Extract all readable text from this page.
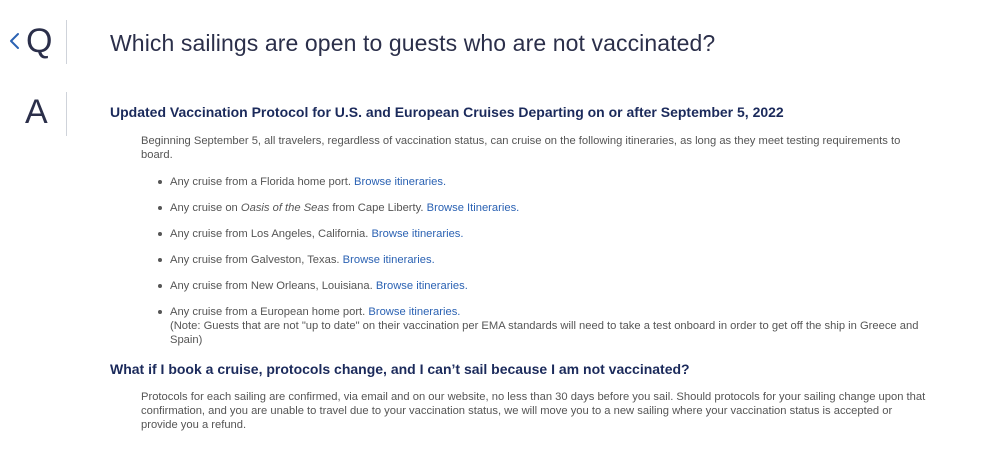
Q	Which sailings are open to guests who are not vaccinated?
A	Updated Vaccination Protocol for U.S. and European Cruises Departing on or after September 5, 2022

Beginning September 5, all travelers, regardless of vaccination status, can cruise on the following itineraries, as long as they meet testing requirements to board.

Any cruise from a Florida home port. Browse itineraries.
Any cruise on Oasis of the Seas from Cape Liberty. Browse Itineraries.
Any cruise from Los Angeles, California. Browse itineraries.
Any cruise from Galveston, Texas. Browse itineraries.
Any cruise from New Orleans, Louisiana. Browse itineraries.
Any cruise from a European home port. Browse itineraries.
(Note: Guests that are not "up to date" on their vaccination per EMA standards will need to take a test onboard in order to get off the ship in Greece and Spain)
What if I book a cruise, protocols change, and I can’t sail because I am not vaccinated?

Protocols for each sailing are confirmed, via email and on our website, no less than 30 days before you sail. Should protocols for your sailing change upon that confirmation, and you are unable to travel due to your vaccination status, we will move you to a new sailing where your vaccination status is accepted or provide you a refund.
